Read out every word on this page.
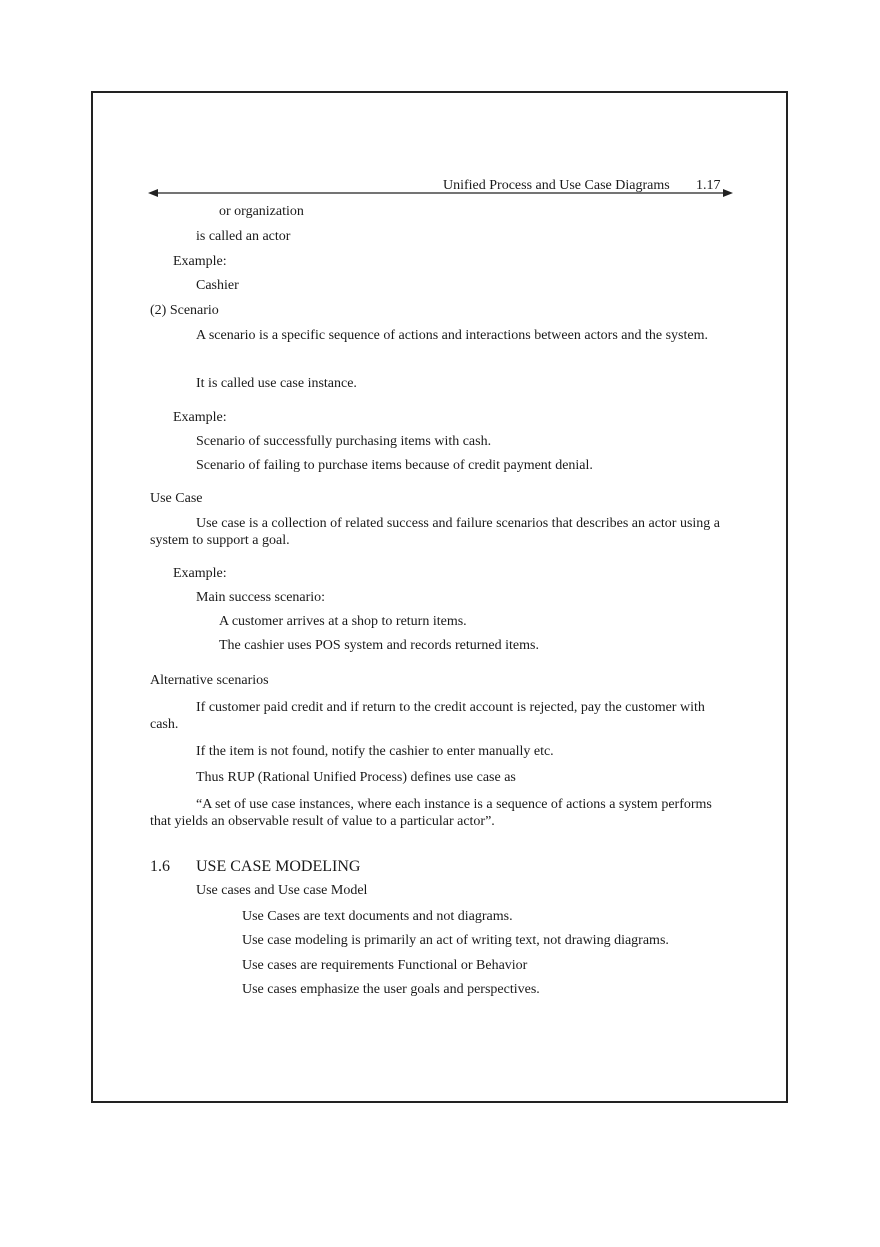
Unified Process and Use Case Diagrams 1.17
or organization
is called an actor
Example:
Cashier
(2) Scenario
A scenario is a specific sequence of actions and interactions between actors and the system.
It is called use case instance.
Example:
Scenario of successfully purchasing items with cash.
Scenario of failing to purchase items because of credit payment denial.
Use Case
Use case is a collection of related success and failure scenarios that describes an actor using a system to support a goal.
Example:
Main success scenario:
A customer arrives at a shop to return items.
The cashier uses POS system and records returned items.
Alternative scenarios
If customer paid credit and if return to the credit account is rejected, pay the customer with cash.
If the item is not found, notify the cashier to enter manually etc.
Thus RUP (Rational Unified Process) defines use case as
“A set of use case instances, where each instance is a sequence of actions a system performs that yields an observable result of value to a particular actor”.
1.6 USE CASE MODELING
Use cases and Use case Model
Use Cases are text documents and not diagrams.
Use case modeling is primarily an act of writing text, not drawing diagrams.
Use cases are requirements Functional or Behavior
Use cases emphasize the user goals and perspectives.
